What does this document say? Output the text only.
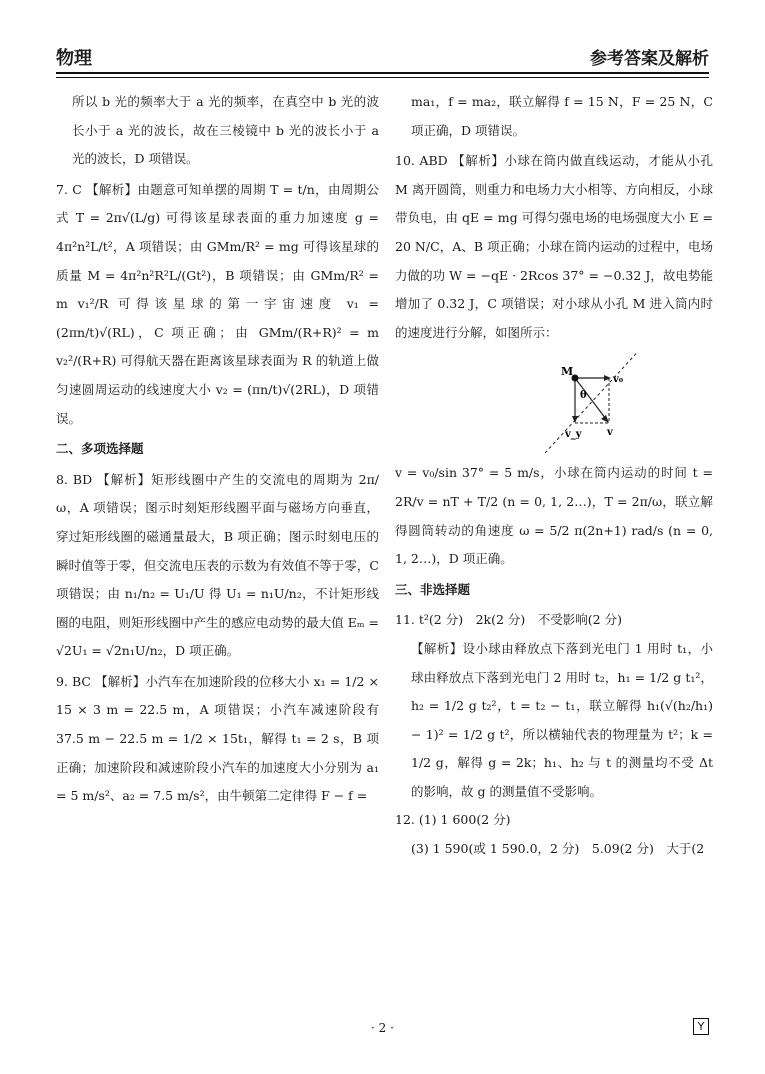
物理	参考答案及解析

所以 b 光的频率大于 a 光的频率，在真空中 b 光的波长小于 a 光的波长，故在三棱镜中 b 光的波长小于 a 光的波长，D 项错误。

7. C 【解析】由题意可知单摆的周期 T = t/n，由周期公式 T = 2π√(L/g) 可得该星球表面的重力加速度 g = 4π²n²L/t²，A 项错误；由 GMm/R² = mg 可得该星球的质量 M = 4π²n²R²L/(Gt²)，B 项错误；由 GMm/R² = m v₁²/R 可得该星球的第一宇宙速度 v₁ = (2πn/t)√(RL)，C 项正确；由 GMm/(R+R)² = m v₂²/(R+R) 可得航天器在距离该星球表面为 R 的轨道上做匀速圆周运动的线速度大小 v₂ = (πn/t)√(2RL)，D 项错误。

二、多项选择题

8. BD 【解析】矩形线圈中产生的交流电的周期为 2π/ω，A 项错误；图示时刻矩形线圈平面与磁场方向垂直，穿过矩形线圈的磁通量最大，B 项正确；图示时刻电压的瞬时值等于零，但交流电压表的示数为有效值不等于零，C 项错误；由 n₁/n₂ = U₁/U 得 U₁ = n₁U/n₂，不计矩形线圈的电阻，则矩形线圈中产生的感应电动势的最大值 Eₘ = √2U₁ = √2n₁U/n₂，D 项正确。

9. BC 【解析】小汽车在加速阶段的位移大小 x₁ = 1/2 × 15 × 3 m = 22.5 m，A 项错误；小汽车减速阶段有 37.5 m − 22.5 m = 1/2 × 15t₁，解得 t₁ = 2 s，B 项正确；加速阶段和减速阶段小汽车的加速度大小分别为 a₁ = 5 m/s²、a₂ = 7.5 m/s²，由牛顿第二定律得 F − f =

ma₁，f = ma₂，联立解得 f = 15 N，F = 25 N，C 项正确，D 项错误。

10. ABD 【解析】小球在筒内做直线运动，才能从小孔 M 离开圆筒，则重力和电场力大小相等、方向相反，小球带负电，由 qE = mg 可得匀强电场的电场强度大小 E = 20 N/C，A、B 项正确；小球在筒内运动的过程中，电场力做的功 W = −qE · 2Rcos 37° = −0.32 J，故电势能增加了 0.32 J，C 项错误；对小球从小孔 M 进入筒内时的速度进行分解，如图所示：

M
v₀
θ
v_y	v

v = v₀/sin 37° = 5 m/s，小球在筒内运动的时间 t = 2R/v = nT + T/2 (n = 0, 1, 2…)，T = 2π/ω，联立解得圆筒转动的角速度 ω = 5/2 π(2n+1) rad/s (n = 0, 1, 2…)，D 项正确。

三、非选择题

11. t²(2 分)　2k(2 分)　不受影响(2 分)

【解析】设小球由释放点下落到光电门 1 用时 t₁，小球由释放点下落到光电门 2 用时 t₂，h₁ = 1/2 g t₁²，h₂ = 1/2 g t₂²，t = t₂ − t₁，联立解得 h₁(√(h₂/h₁) − 1)² = 1/2 g t²，所以横轴代表的物理量为 t²；k = 1/2 g，解得 g = 2k；h₁、h₂ 与 t 的测量均不受 Δt 的影响，故 g 的测量值不受影响。

12. (1) 1 600(2 分)

(3) 1 590(或 1 590.0，2 分)　5.09(2 分)　大于(2

· 2 ·	Y
